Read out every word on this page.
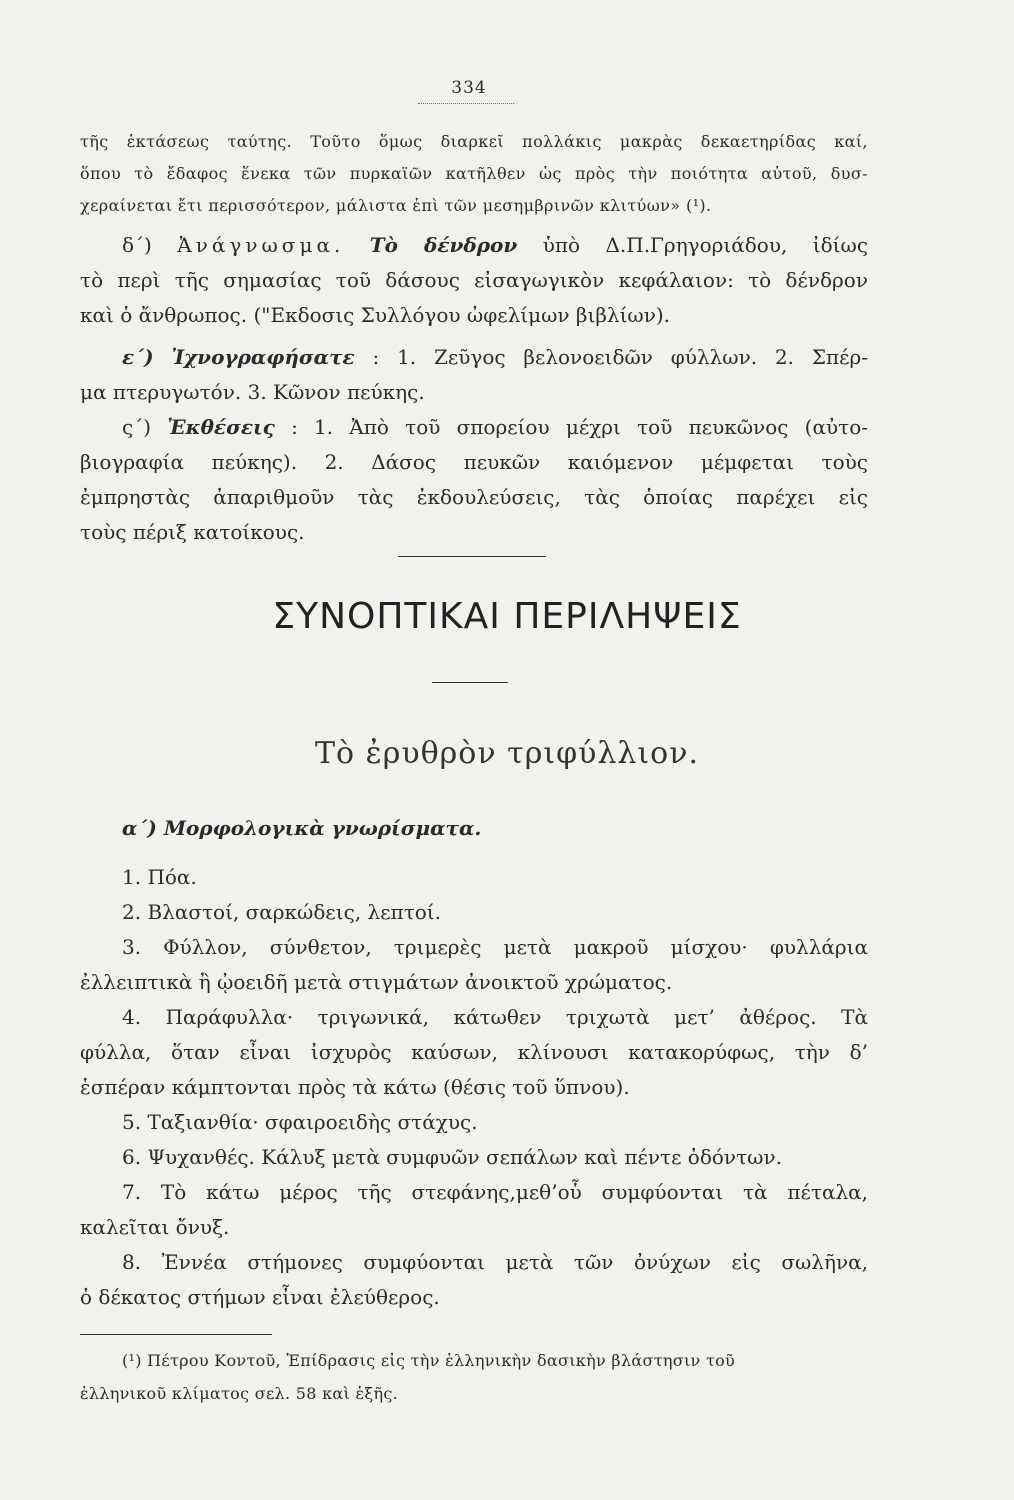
334
τῆς ἐκτάσεως ταύτης. Τοῦτο ὅμως διαρκεῖ πολλάκις μακρὰς δεκαετηρίδας καί,
ὅπου τὸ ἔδαφος ἕνεκα τῶν πυρκαϊῶν κατῆλθεν ὡς πρὸς τὴν ποιότητα αὐτοῦ, δυσ-
χεραίνεται ἔτι περισσότερον, μάλιστα ἐπὶ τῶν μεσημβρινῶν κλιτύων» (¹).
δ΄) Ἀνάγνωσμα. Τὸ δένδρον ὑπὸ Δ.Π.Γρηγοριάδου, ἰδίως
τὸ περὶ τῆς σημασίας τοῦ δάσους εἰσαγωγικὸν κεφάλαιον: τὸ δένδρον
καὶ ὁ ἄνθρωπος. ("Εκδοσις Συλλόγου ὠφελίμων βιβλίων).
ε΄) Ἰχνογραφήσατε : 1. Ζεῦγος βελονοειδῶν φύλλων. 2. Σπέρ-
μα πτερυγωτόν. 3. Κῶνον πεύκης.
ς΄) Ἐκθέσεις : 1. Ἀπὸ τοῦ σπορείου μέχρι τοῦ πευκῶνος (αὐτο-
βιογραφία πεύκης). 2. Δάσος πευκῶν καιόμενον μέμφεται τοὺς
ἐμπρηστὰς ἀπαριθμοῦν τὰς ἐκδουλεύσεις, τὰς ὁποίας παρέχει εἰς
τοὺς πέριξ κατοίκους.
ΣΥΝΟΠΤΙΚΑΙ ΠΕΡΙΛΗΨΕΙΣ
Τὸ ἐρυθρὸν τριφύλλιον.
α΄) Μορφολογικὰ γνωρίσματα.
1. Πόα.
2. Βλαστοί, σαρκώδεις, λεπτοί.
3. Φύλλον, σύνθετον, τριμερὲς μετὰ μακροῦ μίσχου· φυλλάρια
ἐλλειπτικὰ ἢ ᾠοειδῆ μετὰ στιγμάτων ἀνοικτοῦ χρώματος.
4. Παράφυλλα· τριγωνικά, κάτωθεν τριχωτὰ μετ’ ἀθέρος. Τὰ
φύλλα, ὅταν εἶναι ἰσχυρὸς καύσων, κλίνουσι κατακορύφως, τὴν δ’
ἑσπέραν κάμπτονται πρὸς τὰ κάτω (θέσις τοῦ ὕπνου).
5. Ταξιανθία· σφαιροειδὴς στάχυς.
6. Ψυχανθές. Κάλυξ μετὰ συμφυῶν σεπάλων καὶ πέντε ὀδόντων.
7. Τὸ κάτω μέρος τῆς στεφάνης,μεθ’οὗ συμφύονται τὰ πέταλα,
καλεῖται ὄνυξ.
8. Ἐννέα στήμονες συμφύονται μετὰ τῶν ὀνύχων εἰς σωλῆνα,
ὁ δέκατος στήμων εἶναι ἐλεύθερος.
(¹) Πέτρου Κοντοῦ, Ἐπίδρασις εἰς τὴν ἑλληνικὴν δασικὴν βλάστησιν τοῦ
ἑλληνικοῦ κλίματος σελ. 58 καὶ ἑξῆς.
